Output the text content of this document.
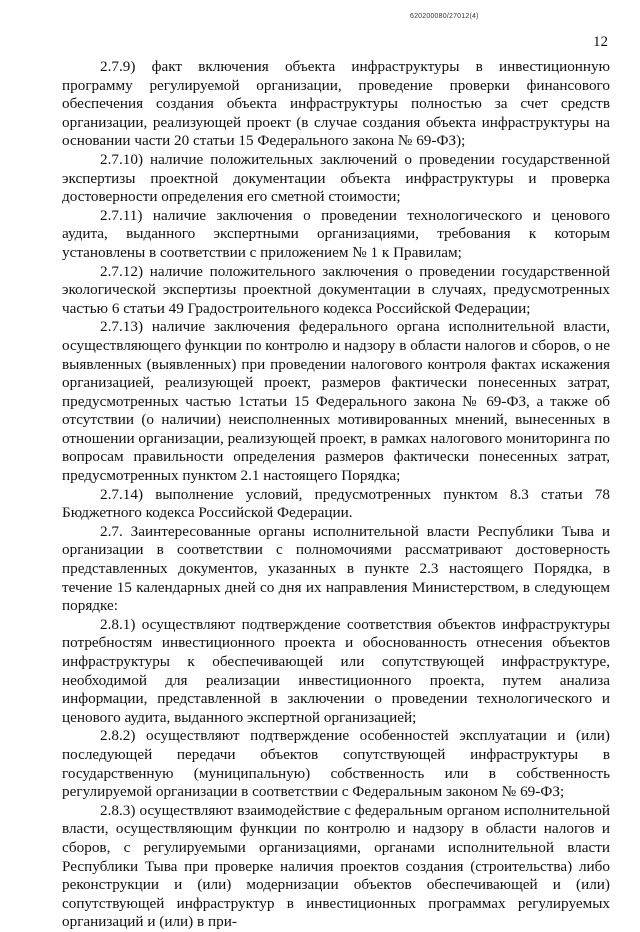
620200080/27012(4)
12

2.7.9) факт включения объекта инфраструктуры в инвестиционную программу регулируемой организации, проведение проверки финансового обеспечения создания объекта инфраструктуры полностью за счет средств организации, реализующей проект (в случае создания объекта инфраструктуры на основании части 20 статьи 15 Федерального закона № 69-ФЗ);

2.7.10) наличие положительных заключений о проведении государственной экспертизы проектной документации объекта инфраструктуры и проверка достоверности определения его сметной стоимости;

2.7.11) наличие заключения о проведении технологического и ценового аудита, выданного экспертными организациями, требования к которым установлены в соответствии с приложением № 1 к Правилам;

2.7.12) наличие положительного заключения о проведении государственной экологической экспертизы проектной документации в случаях, предусмотренных частью 6 статьи 49 Градостроительного кодекса Российской Федерации;

2.7.13) наличие заключения федерального органа исполнительной власти, осуществляющего функции по контролю и надзору в области налогов и сборов, о не выявленных (выявленных) при проведении налогового контроля фактах искажения организацией, реализующей проект, размеров фактически понесенных затрат, предусмотренных частью 1статьи 15 Федерального закона № 69-ФЗ, а также об отсутствии (о наличии) неисполненных мотивированных мнений, вынесенных в отношении организации, реализующей проект, в рамках налогового мониторинга по вопросам правильности определения размеров фактически понесенных затрат, предусмотренных пунктом 2.1 настоящего Порядка;

2.7.14) выполнение условий, предусмотренных пунктом 8.3 статьи 78 Бюджетного кодекса Российской Федерации.

2.7. Заинтересованные органы исполнительной власти Республики Тыва и организации в соответствии с полномочиями рассматривают достоверность представленных документов, указанных в пункте 2.3 настоящего Порядка, в течение 15 календарных дней со дня их направления Министерством, в следующем порядке:

2.8.1) осуществляют подтверждение соответствия объектов инфраструктуры потребностям инвестиционного проекта и обоснованность отнесения объектов инфраструктуры к обеспечивающей или сопутствующей инфраструктуре, необходимой для реализации инвестиционного проекта, путем анализа информации, представленной в заключении о проведении технологического и ценового аудита, выданного экспертной организацией;

2.8.2) осуществляют подтверждение особенностей эксплуатации и (или) последующей передачи объектов сопутствующей инфраструктуры в государственную (муниципальную) собственность или в собственность регулируемой организации в соответствии с Федеральным законом № 69-ФЗ;

2.8.3) осуществляют взаимодействие с федеральным органом исполнительной власти, осуществляющим функции по контролю и надзору в области налогов и сборов, с регулируемыми организациями, органами исполнительной власти Республики Тыва при проверке наличия проектов создания (строительства) либо реконструкции и (или) модернизации объектов обеспечивающей и (или) сопутствующей инфраструктур в инвестиционных программах регулируемых организаций и (или) в при-
